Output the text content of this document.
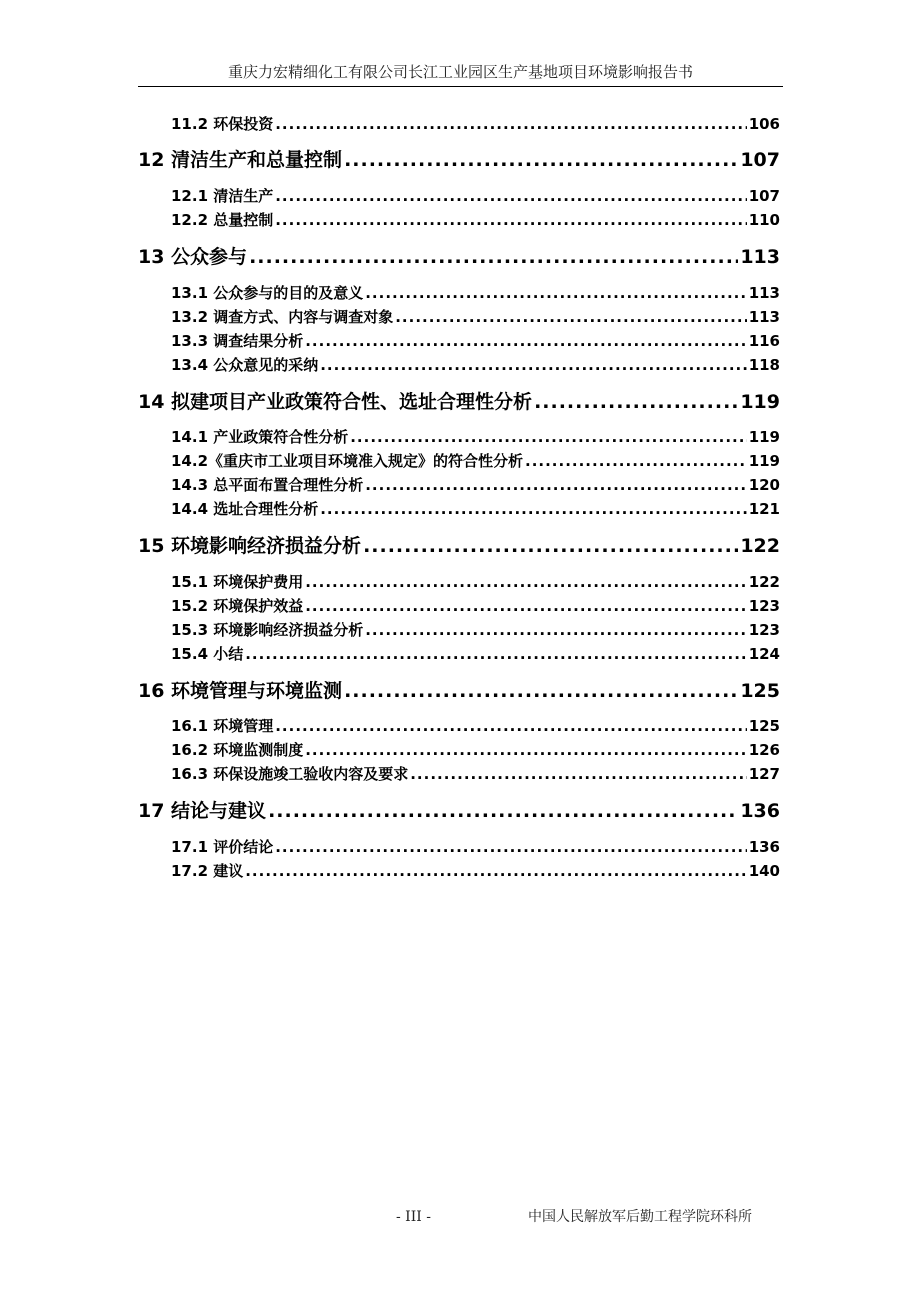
重庆力宏精细化工有限公司长江工业园区生产基地项目环境影响报告书
11.2 环保投资 .....	106
12 清洁生产和总量控制 .....	107
12.1 清洁生产 .....	107
12.2 总量控制 .....	110
13 公众参与 .....	113
13.1 公众参与的目的及意义 .....	113
13.2 调查方式、内容与调查对象 .....	113
13.3 调查结果分析 .....	116
13.4 公众意见的采纳 .....	118
14 拟建项目产业政策符合性、选址合理性分析 .....	119
14.1 产业政策符合性分析 .....	119
14.2《重庆市工业项目环境准入规定》的符合性分析 .....	119
14.3 总平面布置合理性分析 .....	120
14.4 选址合理性分析 .....	121
15 环境影响经济损益分析 .....	122
15.1 环境保护费用 .....	122
15.2 环境保护效益 .....	123
15.3 环境影响经济损益分析 .....	123
15.4 小结 .....	124
16 环境管理与环境监测 .....	125
16.1 环境管理 .....	125
16.2 环境监测制度 .....	126
16.3 环保设施竣工验收内容及要求 .....	127
17 结论与建议 .....	136
17.1 评价结论 .....	136
17.2 建议 .....	140
- III -	中国人民解放军后勤工程学院环科所
